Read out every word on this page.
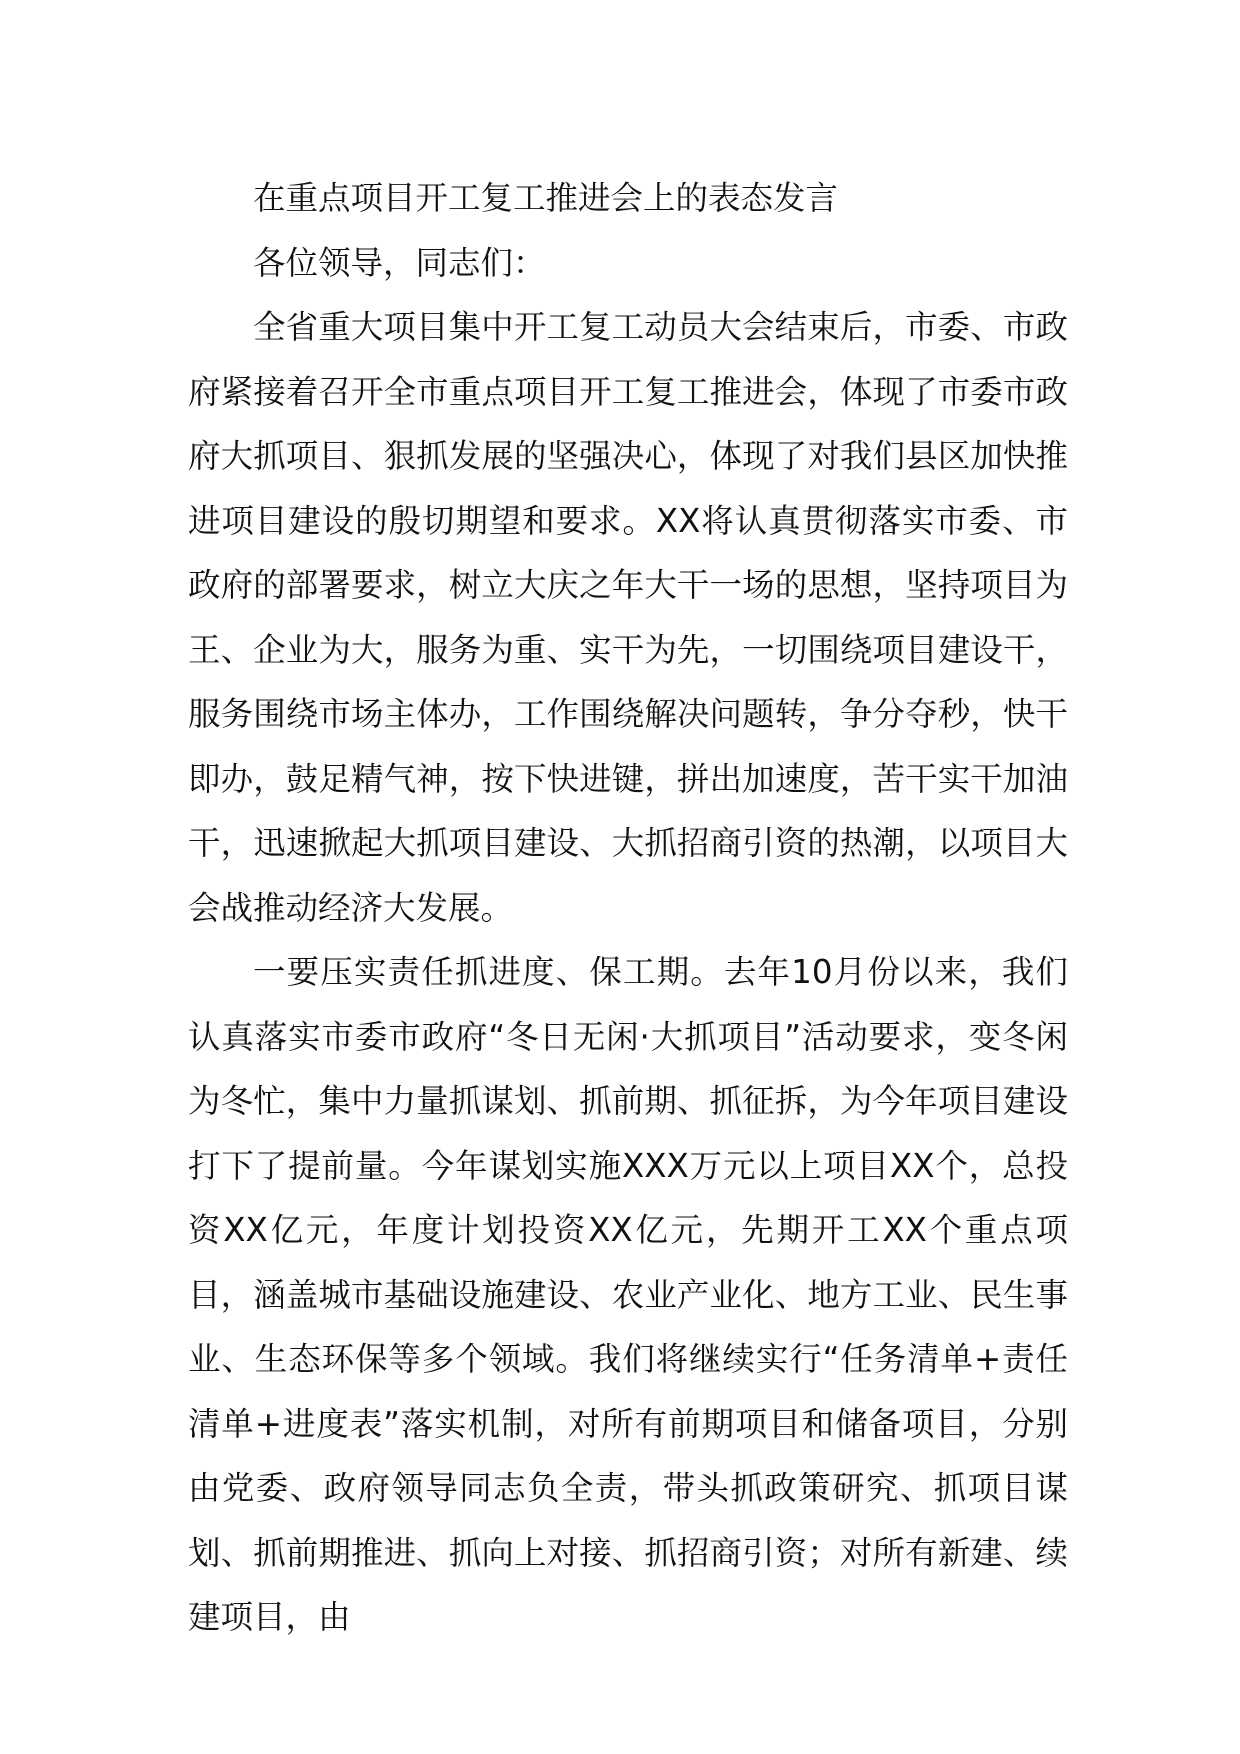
在重点项目开工复工推进会上的表态发言

各位领导，同志们：

全省重大项目集中开工复工动员大会结束后，市委、市政府紧接着召开全市重点项目开工复工推进会，体现了市委市政府大抓项目、狠抓发展的坚强决心，体现了对我们县区加快推进项目建设的殷切期望和要求。XX将认真贯彻落实市委、市政府的部署要求，树立大庆之年大干一场的思想，坚持项目为王、企业为大，服务为重、实干为先，一切围绕项目建设干，服务围绕市场主体办，工作围绕解决问题转，争分夺秒，快干即办，鼓足精气神，按下快进键，拼出加速度，苦干实干加油干，迅速掀起大抓项目建设、大抓招商引资的热潮，以项目大会战推动经济大发展。

一要压实责任抓进度、保工期。去年10月份以来，我们认真落实市委市政府“冬日无闲·大抓项目”活动要求，变冬闲为冬忙，集中力量抓谋划、抓前期、抓征拆，为今年项目建设打下了提前量。今年谋划实施XXX万元以上项目XX个，总投资XX亿元，年度计划投资XX亿元，先期开工XX个重点项目，涵盖城市基础设施建设、农业产业化、地方工业、民生事业、生态环保等多个领域。我们将继续实行“任务清单+责任清单+进度表”落实机制，对所有前期项目和储备项目，分别由党委、政府领导同志负全责，带头抓政策研究、抓项目谋划、抓前期推进、抓向上对接、抓招商引资；对所有新建、续建项目，由
